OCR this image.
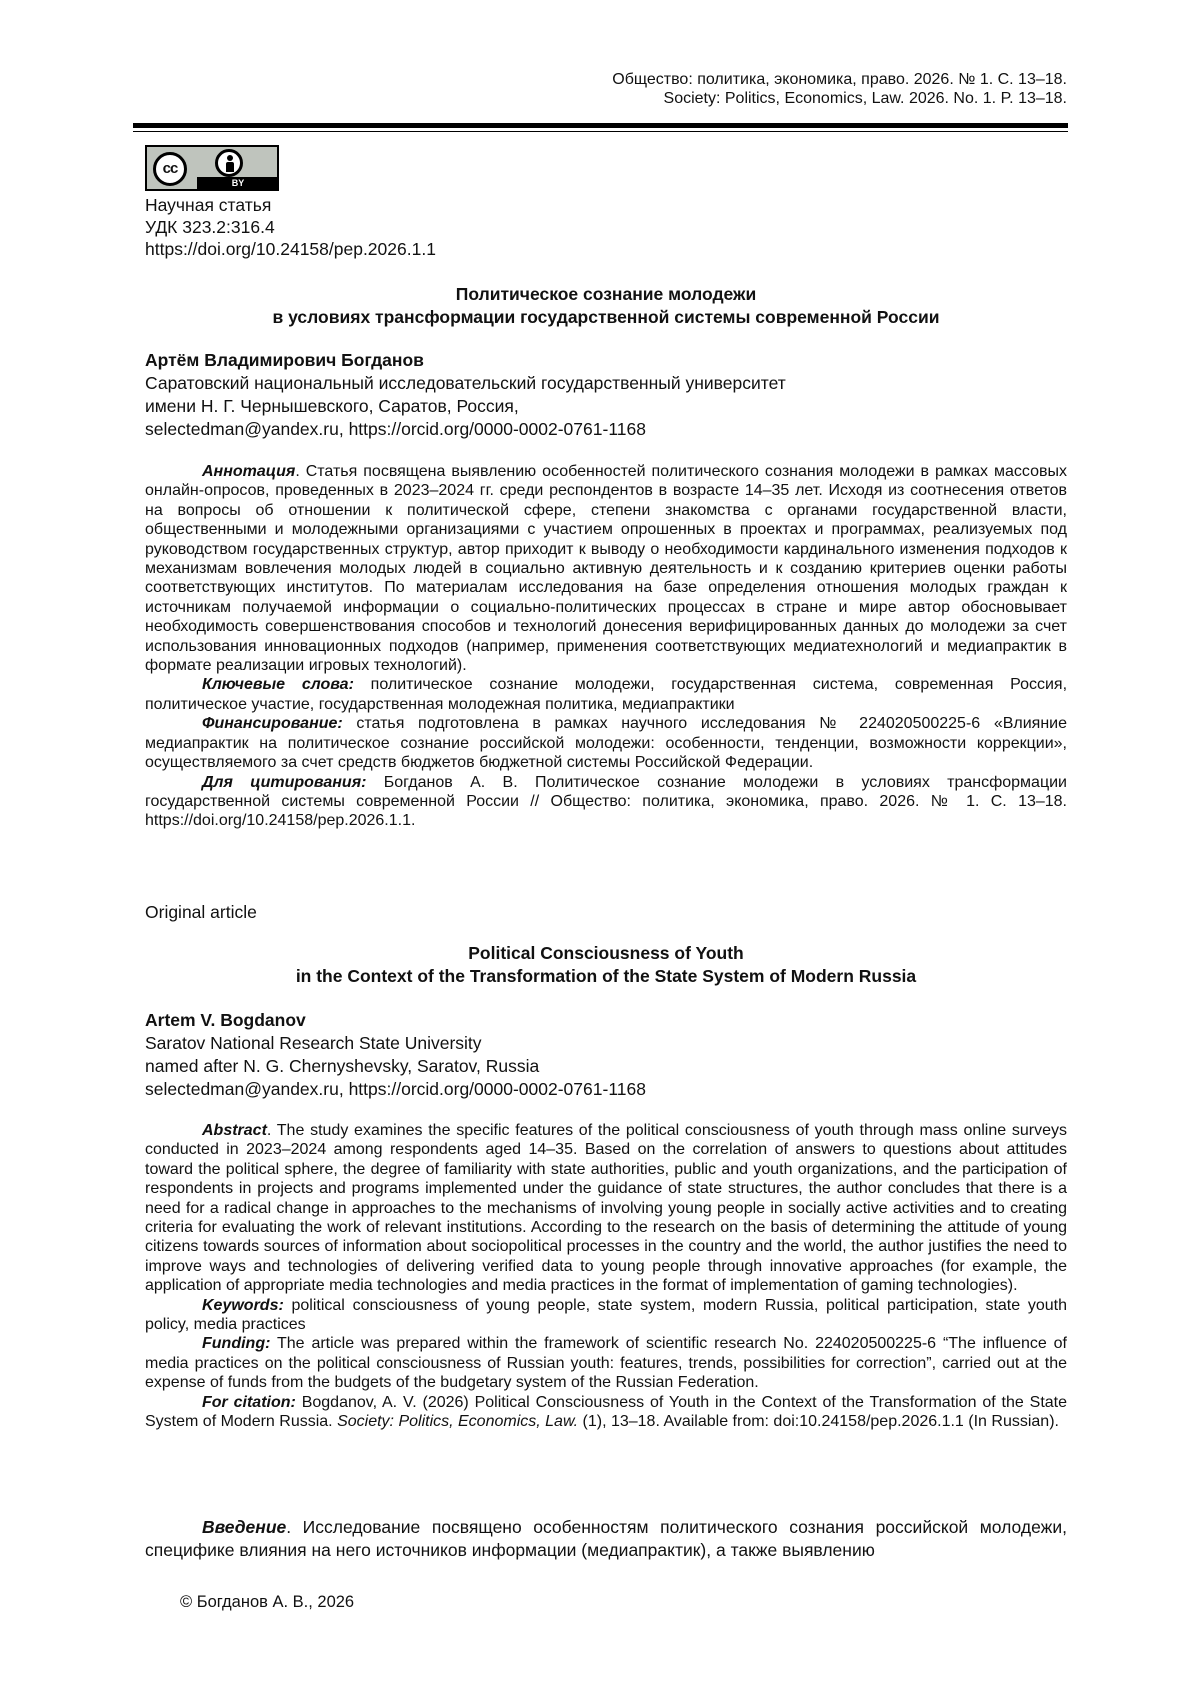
Общество: политика, экономика, право. 2026. № 1. С. 13–18.
Society: Politics, Economics, Law. 2026. No. 1. P. 13–18.
cc
BY
Научная статья
УДК 323.2:316.4
https://doi.org/10.24158/pep.2026.1.1
Политическое сознание молодежи
в условиях трансформации государственной системы современной России
Артём Владимирович Богданов
Саратовский национальный исследовательский государственный университет
имени Н. Г. Чернышевского, Саратов, Россия,
selectedman@yandex.ru, https://orcid.org/0000-0002-0761-1168

Аннотация. Статья посвящена выявлению особенностей политического сознания молодежи в рамках массовых онлайн-опросов, проведенных в 2023–2024 гг. среди респондентов в возрасте 14–35 лет. Исходя из соотнесения ответов на вопросы об отношении к политической сфере, степени знакомства с органами государственной власти, общественными и молодежными организациями с участием опрошенных в проектах и программах, реализуемых под руководством государственных структур, автор приходит к выводу о необходимости кардинального изменения подходов к механизмам вовлечения молодых людей в социально активную деятельность и к созданию критериев оценки работы соответствующих институтов. По материалам исследования на базе определения отношения молодых граждан к источникам получаемой информации о социально-политических процессах в стране и мире автор обосновывает необходимость совершенствования способов и технологий донесения верифицированных данных до молодежи за счет использования инновационных подходов (например, применения соответствующих медиатехнологий и медиапрактик в формате реализации игровых технологий).

Ключевые слова: политическое сознание молодежи, государственная система, современная Россия, политическое участие, государственная молодежная политика, медиапрактики

Финансирование: статья подготовлена в рамках научного исследования № 224020500225-6 «Влияние медиапрактик на политическое сознание российской молодежи: особенности, тенденции, возможности коррекции», осуществляемого за счет средств бюджетов бюджетной системы Российской Федерации.

Для цитирования: Богданов А. В. Политическое сознание молодежи в условиях трансформации государственной системы современной России // Общество: политика, экономика, право. 2026. № 1. С. 13–18. https://doi.org/10.24158/pep.2026.1.1.

Original article
Political Consciousness of Youth
in the Context of the Transformation of the State System of Modern Russia
Artem V. Bogdanov
Saratov National Research State University
named after N. G. Chernyshevsky, Saratov, Russia
selectedman@yandex.ru, https://orcid.org/0000-0002-0761-1168

Abstract. The study examines the specific features of the political consciousness of youth through mass online surveys conducted in 2023–2024 among respondents aged 14–35. Based on the correlation of answers to questions about attitudes toward the political sphere, the degree of familiarity with state authorities, public and youth organizations, and the participation of respondents in projects and programs implemented under the guidance of state structures, the author concludes that there is a need for a radical change in approaches to the mechanisms of involving young people in socially active activities and to creating criteria for evaluating the work of relevant institutions. According to the research on the basis of determining the attitude of young citizens towards sources of information about sociopolitical processes in the country and the world, the author justifies the need to improve ways and technologies of delivering verified data to young people through innovative approaches (for example, the application of appropriate media technologies and media practices in the format of implementation of gaming technologies).

Keywords: political consciousness of young people, state system, modern Russia, political participation, state youth policy, media practices

Funding: The article was prepared within the framework of scientific research No. 224020500225-6 “The influence of media practices on the political consciousness of Russian youth: features, trends, possibilities for correction”, carried out at the expense of funds from the budgets of the budgetary system of the Russian Federation.

For citation: Bogdanov, A. V. (2026) Political Consciousness of Youth in the Context of the Transformation of the State System of Modern Russia. Society: Politics, Economics, Law. (1), 13–18. Available from: doi:10.24158/pep.2026.1.1 (In Russian).

Введение. Исследование посвящено особенностям политического сознания российской молодежи, специфике влияния на него источников информации (медиапрактик), а также выявлению

© Богданов А. В., 2026
